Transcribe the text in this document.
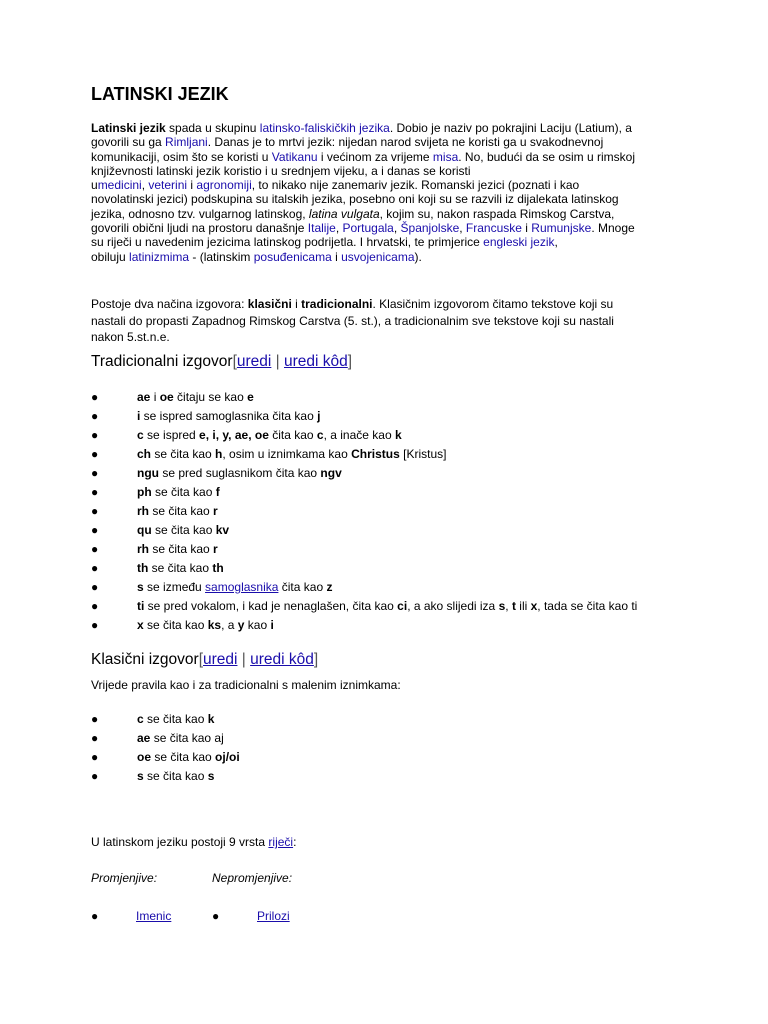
LATINSKI JEZIK
Latinski jezik spada u skupinu latinsko-faliskičkih jezika. Dobio je naziv po pokrajini Laciju (Latium), a
govorili su ga Rimljani. Danas je to mrtvi jezik: nijedan narod svijeta ne koristi ga u svakodnevnoj
komunikaciji, osim što se koristi u Vatikanu i većinom za vrijeme misa. No, budući da se osim u rimskoj
književnosti latinski jezik koristio i u srednjem vijeku, a i danas se koristi
umedicini, veterini i agronomiji, to nikako nije zanemariv jezik. Romanski jezici (poznati i kao
novolatinski jezici) podskupina su italskih jezika, posebno oni koji su se razvili iz dijalekata latinskog
jezika, odnosno tzv. vulgarnog latinskog, latina vulgata, kojim su, nakon raspada Rimskog Carstva,
govorili obični ljudi na prostoru današnje Italije, Portugala, Španjolske, Francuske i Rumunjske. Mnoge
su riječi u navedenim jezicima latinskog podrijetla. I hrvatski, te primjerice engleski jezik,
obiluju latinizmima - (latinskim posuđenicama i usvojenicama).
Postoje dva načina izgovora: klasični i tradicionalni. Klasičnim izgovorom čitamo tekstove koji su
nastali do propasti Zapadnog Rimskog Carstva (5. st.), a tradicionalnim sve tekstove koji su nastali
nakon 5.st.n.e.
Tradicionalni izgovor[uredi | uredi kôd]
●	ae i oe čitaju se kao e
●	i se ispred samoglasnika čita kao j
●	c se ispred e, i, y, ae, oe čita kao c, a inače kao k
●	ch se čita kao h, osim u iznimkama kao Christus [Kristus]
●	ngu se pred suglasnikom čita kao ngv
●	ph se čita kao f
●	rh se čita kao r
●	qu se čita kao kv
●	rh se čita kao r
●	th se čita kao th
●	s se između samoglasnika čita kao z
●	ti se pred vokalom, i kad je nenaglašen, čita kao ci, a ako slijedi iza s, t ili x, tada se čita kao ti
●	x se čita kao ks, a y kao i
Klasični izgovor[uredi | uredi kôd]
Vrijede pravila kao i za tradicionalni s malenim iznimkama:
●	c se čita kao k
●	ae se čita kao aj
●	oe se čita kao oj/oi
●	s se čita kao s
U latinskom jeziku postoji 9 vrsta riječi:
Promjenjive:	Nepromjenjive:
●	Imenic	●	Prilozi
